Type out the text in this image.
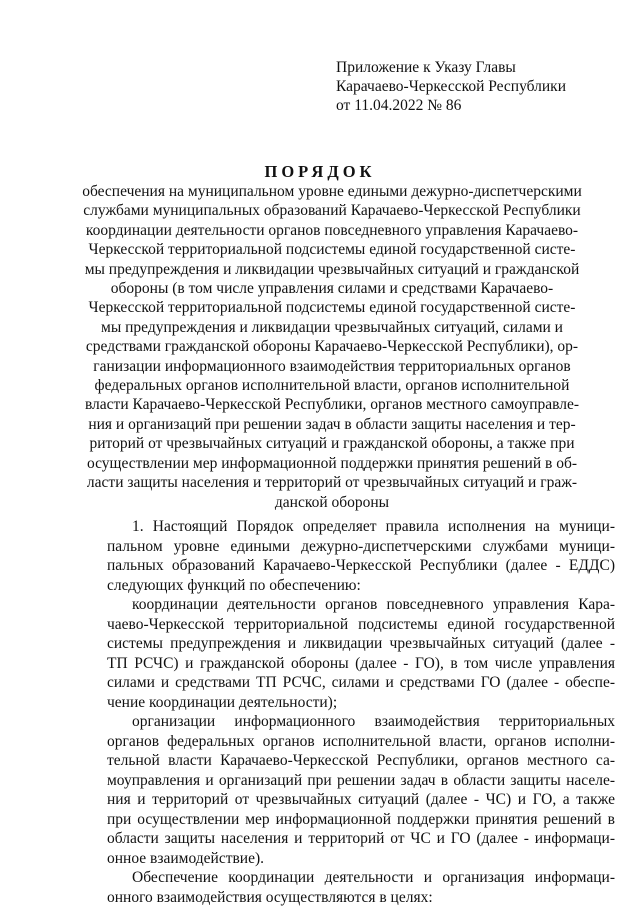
Приложение к Указу Главы
Карачаево-Черкесской Республики
от 11.04.2022 № 86
ПОРЯДОК
обеспечения на муниципальном уровне едиными дежурно-диспетчерскими
службами муниципальных образований Карачаево-Черкесской Республики
координации деятельности органов повседневного управления Карачаево-
Черкесской территориальной подсистемы единой государственной систе-
мы предупреждения и ликвидации чрезвычайных ситуаций и гражданской
обороны (в том числе управления силами и средствами Карачаево-
Черкесской территориальной подсистемы единой государственной систе-
мы предупреждения и ликвидации чрезвычайных ситуаций, силами и
средствами гражданской обороны Карачаево-Черкесской Республики), ор-
ганизации информационного взаимодействия территориальных органов
федеральных органов исполнительной власти, органов исполнительной
власти Карачаево-Черкесской Республики, органов местного самоуправле-
ния и организаций при решении задач в области защиты населения и тер-
риторий от чрезвычайных ситуаций и гражданской обороны, а также при
осуществлении мер информационной поддержки принятия решений в об-
ласти защиты населения и территорий от чрезвычайных ситуаций и граж-
данской обороны
1. Настоящий Порядок определяет правила исполнения на муници-
пальном уровне едиными дежурно-диспетчерскими службами муници-
пальных образований Карачаево-Черкесской Республики (далее - ЕДДС)
следующих функций по обеспечению:
координации деятельности органов повседневного управления Кара-
чаево-Черкесской территориальной подсистемы единой государственной
системы предупреждения и ликвидации чрезвычайных ситуаций (далее -
ТП РСЧС) и гражданской обороны (далее - ГО), в том числе управления
силами и средствами ТП РСЧС, силами и средствами ГО (далее - обеспе-
чение координации деятельности);
организации информационного взаимодействия территориальных
органов федеральных органов исполнительной власти, органов исполни-
тельной власти Карачаево-Черкесской Республики, органов местного са-
моуправления и организаций при решении задач в области защиты населе-
ния и территорий от чрезвычайных ситуаций (далее - ЧС) и ГО, а также
при осуществлении мер информационной поддержки принятия решений в
области защиты населения и территорий от ЧС и ГО (далее - информаци-
онное взаимодействие).
Обеспечение координации деятельности и организация информаци-
онного взаимодействия осуществляются в целях:
